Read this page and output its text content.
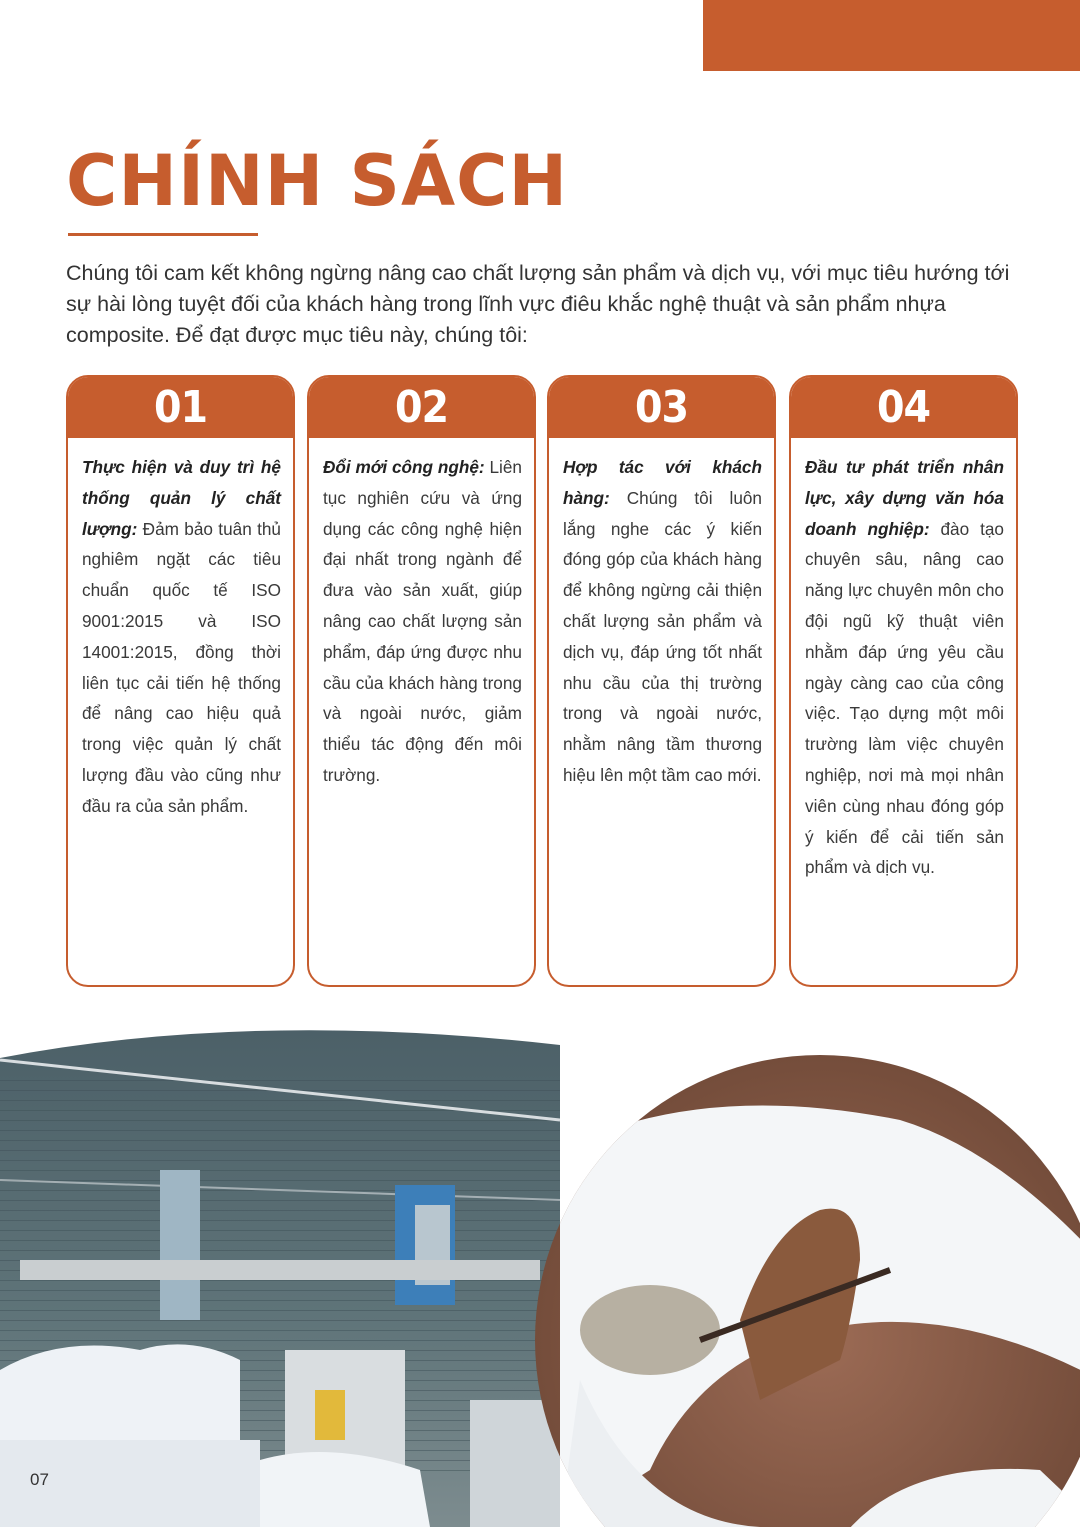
CHÍNH SÁCH

Chúng tôi cam kết không ngừng nâng cao chất lượng sản phẩm và dịch vụ, với mục tiêu hướng tới sự hài lòng tuyệt đối của khách hàng trong lĩnh vực điêu khắc nghệ thuật và sản phẩm nhựa composite. Để đạt được mục tiêu này, chúng tôi:

01
Thực hiện và duy trì hệ thống quản lý chất lượng: Đảm bảo tuân thủ nghiêm ngặt các tiêu chuẩn quốc tế ISO 9001:2015 và ISO 14001:2015, đồng thời liên tục cải tiến hệ thống để nâng cao hiệu quả trong việc quản lý chất lượng đầu vào cũng như đầu ra của sản phẩm.
02
Đổi mới công nghệ: Liên tục nghiên cứu và ứng dụng các công nghệ hiện đại nhất trong ngành để đưa vào sản xuất, giúp nâng cao chất lượng sản phẩm, đáp ứng được nhu cầu của khách hàng trong và ngoài nước, giảm thiểu tác động đến môi trường.
03
Hợp tác với khách hàng: Chúng tôi luôn lắng nghe các ý kiến đóng góp của khách hàng để không ngừng cải thiện chất lượng sản phẩm và dịch vụ, đáp ứng tốt nhất nhu cầu của thị trường trong và ngoài nước, nhằm nâng tầm thương hiệu lên một tầm cao mới.
04
Đầu tư phát triển nhân lực, xây dựng văn hóa doanh nghiệp: đào tạo chuyên sâu, nâng cao năng lực chuyên môn cho đội ngũ kỹ thuật viên nhằm đáp ứng yêu cầu ngày càng cao của công việc. Tạo dựng một môi trường làm việc chuyên nghiệp, nơi mà mọi nhân viên cùng nhau đóng góp ý kiến để cải tiến sản phẩm và dịch vụ.
07
